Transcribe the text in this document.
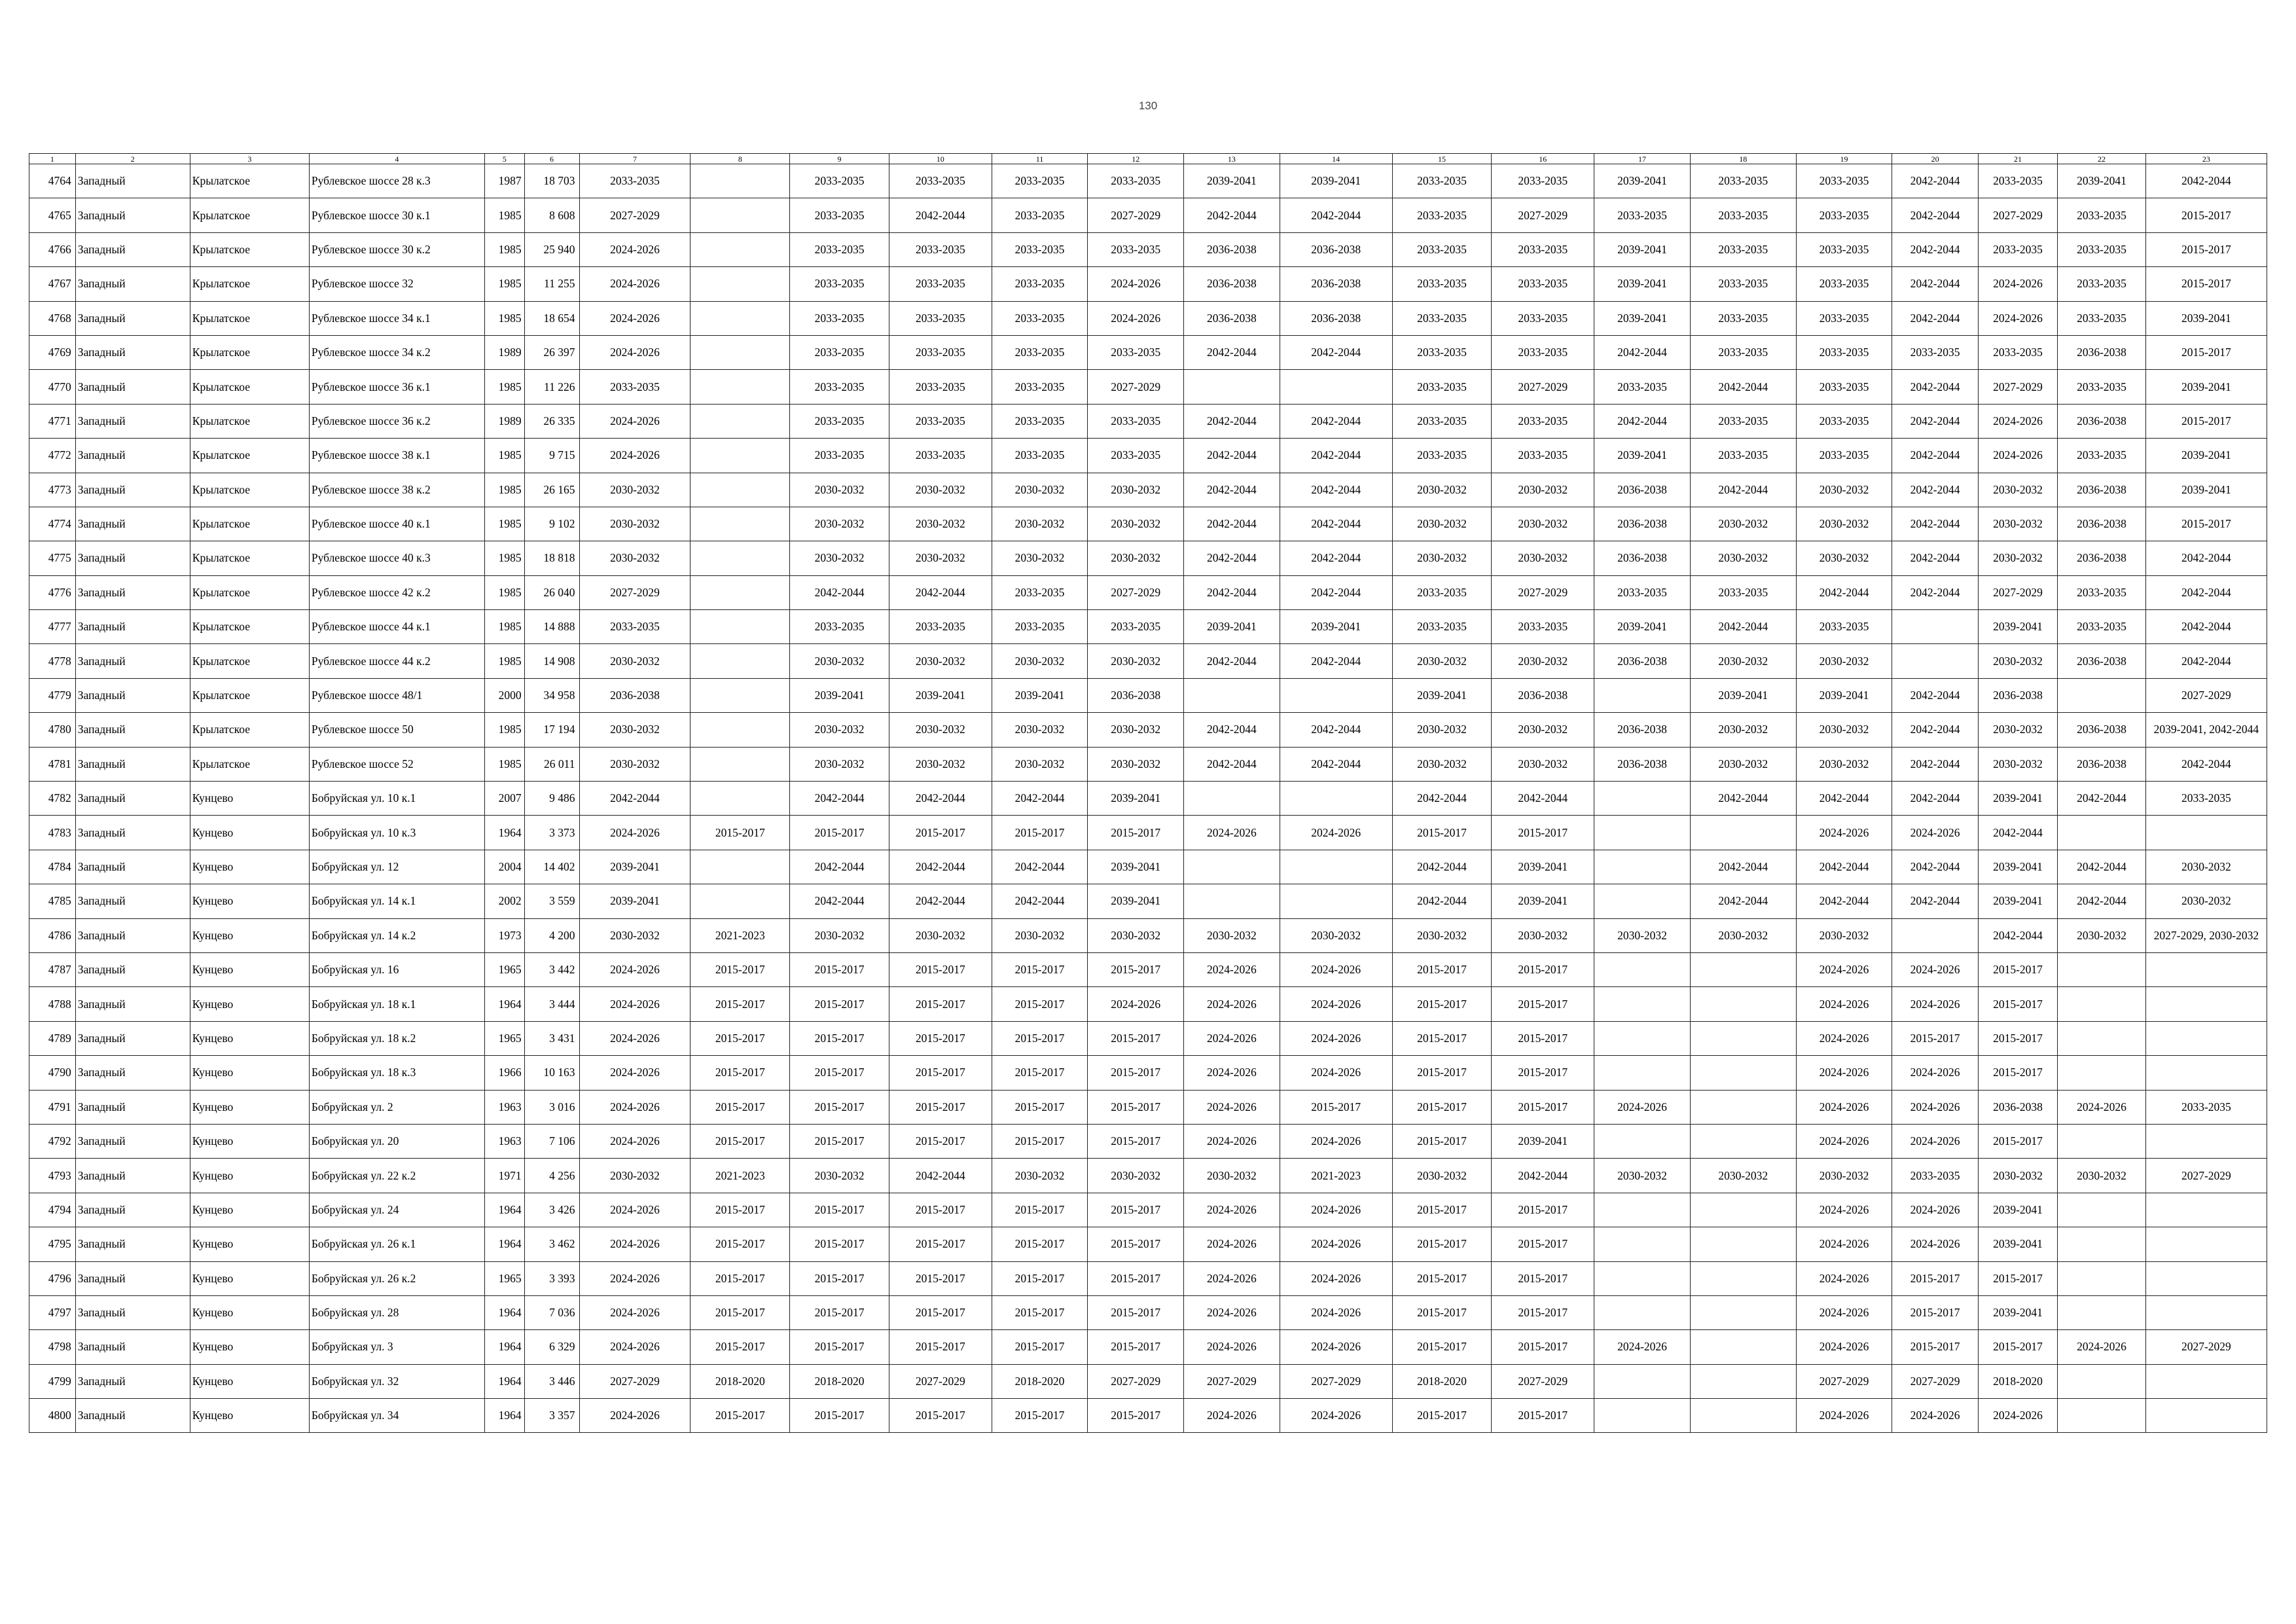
130
1	2	3	4	5	6	7	8	9	10	11	12	13	14	15	16	17	18	19	20	21	22	23
4764	Западный	Крылатское	Рублевское шоссе 28 к.3	1987	18 703	2033-2035		2033-2035	2033-2035	2033-2035	2033-2035	2039-2041	2039-2041	2033-2035	2033-2035	2039-2041	2033-2035	2033-2035	2042-2044	2033-2035	2039-2041	2042-2044
4765	Западный	Крылатское	Рублевское шоссе 30 к.1	1985	8 608	2027-2029		2033-2035	2042-2044	2033-2035	2027-2029	2042-2044	2042-2044	2033-2035	2027-2029	2033-2035	2033-2035	2033-2035	2042-2044	2027-2029	2033-2035	2015-2017
4766	Западный	Крылатское	Рублевское шоссе 30 к.2	1985	25 940	2024-2026		2033-2035	2033-2035	2033-2035	2033-2035	2036-2038	2036-2038	2033-2035	2033-2035	2039-2041	2033-2035	2033-2035	2042-2044	2033-2035	2033-2035	2015-2017
4767	Западный	Крылатское	Рублевское шоссе 32	1985	11 255	2024-2026		2033-2035	2033-2035	2033-2035	2024-2026	2036-2038	2036-2038	2033-2035	2033-2035	2039-2041	2033-2035	2033-2035	2042-2044	2024-2026	2033-2035	2015-2017
4768	Западный	Крылатское	Рублевское шоссе 34 к.1	1985	18 654	2024-2026		2033-2035	2033-2035	2033-2035	2024-2026	2036-2038	2036-2038	2033-2035	2033-2035	2039-2041	2033-2035	2033-2035	2042-2044	2024-2026	2033-2035	2039-2041
4769	Западный	Крылатское	Рублевское шоссе 34 к.2	1989	26 397	2024-2026		2033-2035	2033-2035	2033-2035	2033-2035	2042-2044	2042-2044	2033-2035	2033-2035	2042-2044	2033-2035	2033-2035	2033-2035	2033-2035	2036-2038	2015-2017
4770	Западный	Крылатское	Рублевское шоссе 36 к.1	1985	11 226	2033-2035		2033-2035	2033-2035	2033-2035	2027-2029			2033-2035	2027-2029	2033-2035	2042-2044	2033-2035	2042-2044	2027-2029	2033-2035	2039-2041
4771	Западный	Крылатское	Рублевское шоссе 36 к.2	1989	26 335	2024-2026		2033-2035	2033-2035	2033-2035	2033-2035	2042-2044	2042-2044	2033-2035	2033-2035	2042-2044	2033-2035	2033-2035	2042-2044	2024-2026	2036-2038	2015-2017
4772	Западный	Крылатское	Рублевское шоссе 38 к.1	1985	9 715	2024-2026		2033-2035	2033-2035	2033-2035	2033-2035	2042-2044	2042-2044	2033-2035	2033-2035	2039-2041	2033-2035	2033-2035	2042-2044	2024-2026	2033-2035	2039-2041
4773	Западный	Крылатское	Рублевское шоссе 38 к.2	1985	26 165	2030-2032		2030-2032	2030-2032	2030-2032	2030-2032	2042-2044	2042-2044	2030-2032	2030-2032	2036-2038	2042-2044	2030-2032	2042-2044	2030-2032	2036-2038	2039-2041
4774	Западный	Крылатское	Рублевское шоссе 40 к.1	1985	9 102	2030-2032		2030-2032	2030-2032	2030-2032	2030-2032	2042-2044	2042-2044	2030-2032	2030-2032	2036-2038	2030-2032	2030-2032	2042-2044	2030-2032	2036-2038	2015-2017
4775	Западный	Крылатское	Рублевское шоссе 40 к.3	1985	18 818	2030-2032		2030-2032	2030-2032	2030-2032	2030-2032	2042-2044	2042-2044	2030-2032	2030-2032	2036-2038	2030-2032	2030-2032	2042-2044	2030-2032	2036-2038	2042-2044
4776	Западный	Крылатское	Рублевское шоссе 42 к.2	1985	26 040	2027-2029		2042-2044	2042-2044	2033-2035	2027-2029	2042-2044	2042-2044	2033-2035	2027-2029	2033-2035	2033-2035	2042-2044	2042-2044	2027-2029	2033-2035	2042-2044
4777	Западный	Крылатское	Рублевское шоссе 44 к.1	1985	14 888	2033-2035		2033-2035	2033-2035	2033-2035	2033-2035	2039-2041	2039-2041	2033-2035	2033-2035	2039-2041	2042-2044	2033-2035		2039-2041	2033-2035	2042-2044
4778	Западный	Крылатское	Рублевское шоссе 44 к.2	1985	14 908	2030-2032		2030-2032	2030-2032	2030-2032	2030-2032	2042-2044	2042-2044	2030-2032	2030-2032	2036-2038	2030-2032	2030-2032		2030-2032	2036-2038	2042-2044
4779	Западный	Крылатское	Рублевское шоссе 48/1	2000	34 958	2036-2038		2039-2041	2039-2041	2039-2041	2036-2038			2039-2041	2036-2038		2039-2041	2039-2041	2042-2044	2036-2038		2027-2029
4780	Западный	Крылатское	Рублевское шоссе 50	1985	17 194	2030-2032		2030-2032	2030-2032	2030-2032	2030-2032	2042-2044	2042-2044	2030-2032	2030-2032	2036-2038	2030-2032	2030-2032	2042-2044	2030-2032	2036-2038	2039-2041, 2042-2044
4781	Западный	Крылатское	Рублевское шоссе 52	1985	26 011	2030-2032		2030-2032	2030-2032	2030-2032	2030-2032	2042-2044	2042-2044	2030-2032	2030-2032	2036-2038	2030-2032	2030-2032	2042-2044	2030-2032	2036-2038	2042-2044
4782	Западный	Кунцево	Бобруйская ул. 10 к.1	2007	9 486	2042-2044		2042-2044	2042-2044	2042-2044	2039-2041			2042-2044	2042-2044		2042-2044	2042-2044	2042-2044	2039-2041	2042-2044	2033-2035
4783	Западный	Кунцево	Бобруйская ул. 10 к.3	1964	3 373	2024-2026	2015-2017	2015-2017	2015-2017	2015-2017	2015-2017	2024-2026	2024-2026	2015-2017	2015-2017			2024-2026	2024-2026	2042-2044		
4784	Западный	Кунцево	Бобруйская ул. 12	2004	14 402	2039-2041		2042-2044	2042-2044	2042-2044	2039-2041			2042-2044	2039-2041		2042-2044	2042-2044	2042-2044	2039-2041	2042-2044	2030-2032
4785	Западный	Кунцево	Бобруйская ул. 14 к.1	2002	3 559	2039-2041		2042-2044	2042-2044	2042-2044	2039-2041			2042-2044	2039-2041		2042-2044	2042-2044	2042-2044	2039-2041	2042-2044	2030-2032
4786	Западный	Кунцево	Бобруйская ул. 14 к.2	1973	4 200	2030-2032	2021-2023	2030-2032	2030-2032	2030-2032	2030-2032	2030-2032	2030-2032	2030-2032	2030-2032	2030-2032	2030-2032	2030-2032		2042-2044	2030-2032	2027-2029, 2030-2032
4787	Западный	Кунцево	Бобруйская ул. 16	1965	3 442	2024-2026	2015-2017	2015-2017	2015-2017	2015-2017	2015-2017	2024-2026	2024-2026	2015-2017	2015-2017			2024-2026	2024-2026	2015-2017		
4788	Западный	Кунцево	Бобруйская ул. 18 к.1	1964	3 444	2024-2026	2015-2017	2015-2017	2015-2017	2015-2017	2024-2026	2024-2026	2024-2026	2015-2017	2015-2017			2024-2026	2024-2026	2015-2017		
4789	Западный	Кунцево	Бобруйская ул. 18 к.2	1965	3 431	2024-2026	2015-2017	2015-2017	2015-2017	2015-2017	2015-2017	2024-2026	2024-2026	2015-2017	2015-2017			2024-2026	2015-2017	2015-2017		
4790	Западный	Кунцево	Бобруйская ул. 18 к.3	1966	10 163	2024-2026	2015-2017	2015-2017	2015-2017	2015-2017	2015-2017	2024-2026	2024-2026	2015-2017	2015-2017			2024-2026	2024-2026	2015-2017		
4791	Западный	Кунцево	Бобруйская ул. 2	1963	3 016	2024-2026	2015-2017	2015-2017	2015-2017	2015-2017	2015-2017	2024-2026	2015-2017	2015-2017	2015-2017	2024-2026		2024-2026	2024-2026	2036-2038	2024-2026	2033-2035
4792	Западный	Кунцево	Бобруйская ул. 20	1963	7 106	2024-2026	2015-2017	2015-2017	2015-2017	2015-2017	2015-2017	2024-2026	2024-2026	2015-2017	2039-2041			2024-2026	2024-2026	2015-2017		
4793	Западный	Кунцево	Бобруйская ул. 22 к.2	1971	4 256	2030-2032	2021-2023	2030-2032	2042-2044	2030-2032	2030-2032	2030-2032	2021-2023	2030-2032	2042-2044	2030-2032	2030-2032	2030-2032	2033-2035	2030-2032	2030-2032	2027-2029
4794	Западный	Кунцево	Бобруйская ул. 24	1964	3 426	2024-2026	2015-2017	2015-2017	2015-2017	2015-2017	2015-2017	2024-2026	2024-2026	2015-2017	2015-2017			2024-2026	2024-2026	2039-2041		
4795	Западный	Кунцево	Бобруйская ул. 26 к.1	1964	3 462	2024-2026	2015-2017	2015-2017	2015-2017	2015-2017	2015-2017	2024-2026	2024-2026	2015-2017	2015-2017			2024-2026	2024-2026	2039-2041		
4796	Западный	Кунцево	Бобруйская ул. 26 к.2	1965	3 393	2024-2026	2015-2017	2015-2017	2015-2017	2015-2017	2015-2017	2024-2026	2024-2026	2015-2017	2015-2017			2024-2026	2015-2017	2015-2017		
4797	Западный	Кунцево	Бобруйская ул. 28	1964	7 036	2024-2026	2015-2017	2015-2017	2015-2017	2015-2017	2015-2017	2024-2026	2024-2026	2015-2017	2015-2017			2024-2026	2015-2017	2039-2041		
4798	Западный	Кунцево	Бобруйская ул. 3	1964	6 329	2024-2026	2015-2017	2015-2017	2015-2017	2015-2017	2015-2017	2024-2026	2024-2026	2015-2017	2015-2017	2024-2026		2024-2026	2015-2017	2015-2017	2024-2026	2027-2029
4799	Западный	Кунцево	Бобруйская ул. 32	1964	3 446	2027-2029	2018-2020	2018-2020	2027-2029	2018-2020	2027-2029	2027-2029	2027-2029	2018-2020	2027-2029			2027-2029	2027-2029	2018-2020		
4800	Западный	Кунцево	Бобруйская ул. 34	1964	3 357	2024-2026	2015-2017	2015-2017	2015-2017	2015-2017	2015-2017	2024-2026	2024-2026	2015-2017	2015-2017			2024-2026	2024-2026	2024-2026		
